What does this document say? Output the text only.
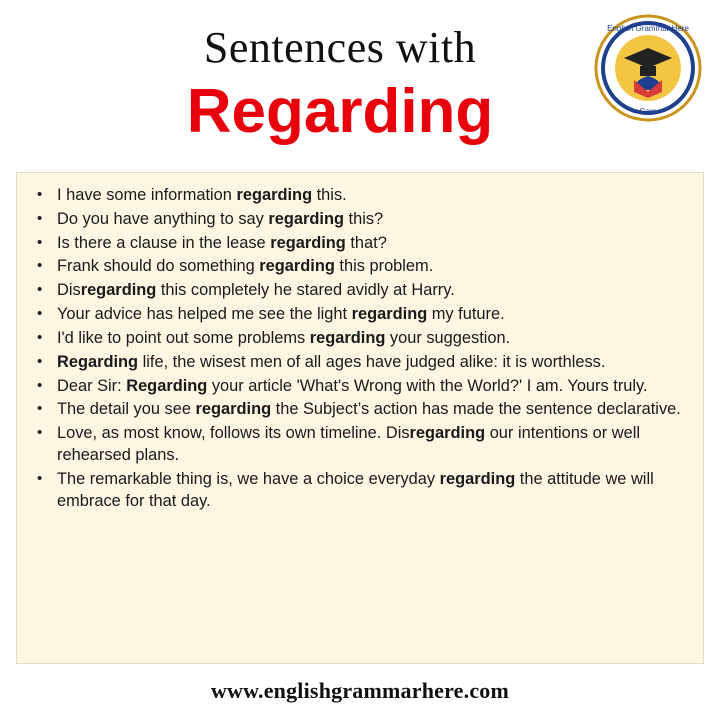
Sentences with
Regarding
English Grammar Here
Com
• I have some information regarding this.
• Do you have anything to say regarding this?
• Is there a clause in the lease regarding that?
• Frank should do something regarding this problem.
• Disregarding this completely he stared avidly at Harry.
• Your advice has helped me see the light regarding my future.
• I'd like to point out some problems regarding your suggestion.
• Regarding life, the wisest men of all ages have judged alike: it is worthless.
• Dear Sir: Regarding your article 'What's Wrong with the World?' I am. Yours truly.
• The detail you see regarding the Subject’s action has made the sentence declarative.
• Love, as most know, follows its own timeline. Disregarding our intentions or well rehearsed plans.
• The remarkable thing is, we have a choice everyday regarding the attitude we will embrace for that day.
www.englishgrammarhere.com
